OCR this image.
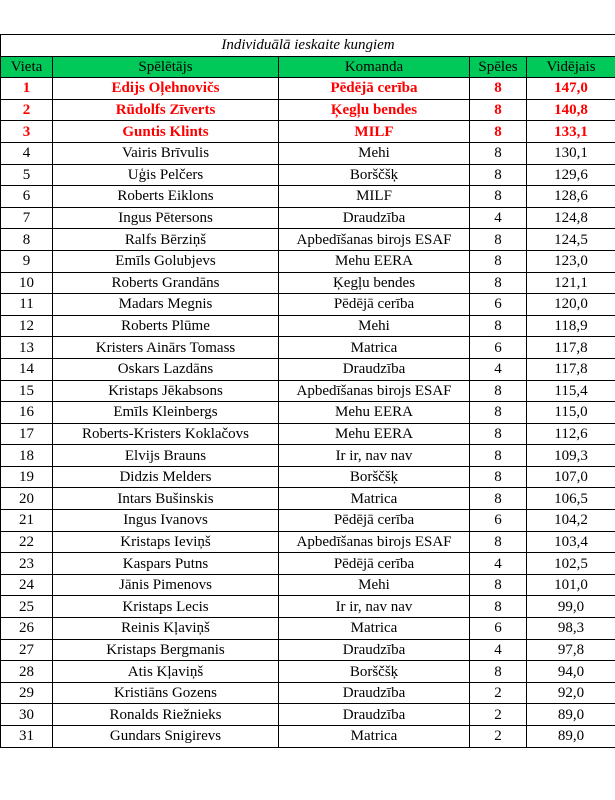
Individuālā ieskaite kungiem				
Vieta	Spēlētājs	Komanda	Spēles	Vidējais
1	Edijs Oļehnovičs	Pēdējā cerība	8	147,0
2	Rūdolfs Zīverts	Ķegļu bendes	8	140,8
3	Guntis Klints	MILF	8	133,1
4	Vairis Brīvulis	Mehi	8	130,1
5	Uģis Pelčers	Borščšķ	8	129,6
6	Roberts Eiklons	MILF	8	128,6
7	Ingus Pētersons	Draudzība	4	124,8
8	Ralfs Bērziņš	Apbedīšanas birojs ESAF	8	124,5
9	Emīls Golubjevs	Mehu EERA	8	123,0
10	Roberts Grandāns	Ķegļu bendes	8	121,1
11	Madars Megnis	Pēdējā cerība	6	120,0
12	Roberts Plūme	Mehi	8	118,9
13	Kristers Ainārs Tomass	Matrica	6	117,8
14	Oskars Lazdāns	Draudzība	4	117,8
15	Kristaps Jēkabsons	Apbedīšanas birojs ESAF	8	115,4
16	Emīls Kleinbergs	Mehu EERA	8	115,0
17	Roberts-Kristers Koklačovs	Mehu EERA	8	112,6
18	Elvijs Brauns	Ir ir, nav nav	8	109,3
19	Didzis Melders	Borščšķ	8	107,0
20	Intars Bušinskis	Matrica	8	106,5
21	Ingus Ivanovs	Pēdējā cerība	6	104,2
22	Kristaps Ieviņš	Apbedīšanas birojs ESAF	8	103,4
23	Kaspars Putns	Pēdējā cerība	4	102,5
24	Jānis Pimenovs	Mehi	8	101,0
25	Kristaps Lecis	Ir ir, nav nav	8	99,0
26	Reinis Kļaviņš	Matrica	6	98,3
27	Kristaps Bergmanis	Draudzība	4	97,8
28	Atis Kļaviņš	Borščšķ	8	94,0
29	Kristiāns Gozens	Draudzība	2	92,0
30	Ronalds Riežnieks	Draudzība	2	89,0
31	Gundars Snigirevs	Matrica	2	89,0
